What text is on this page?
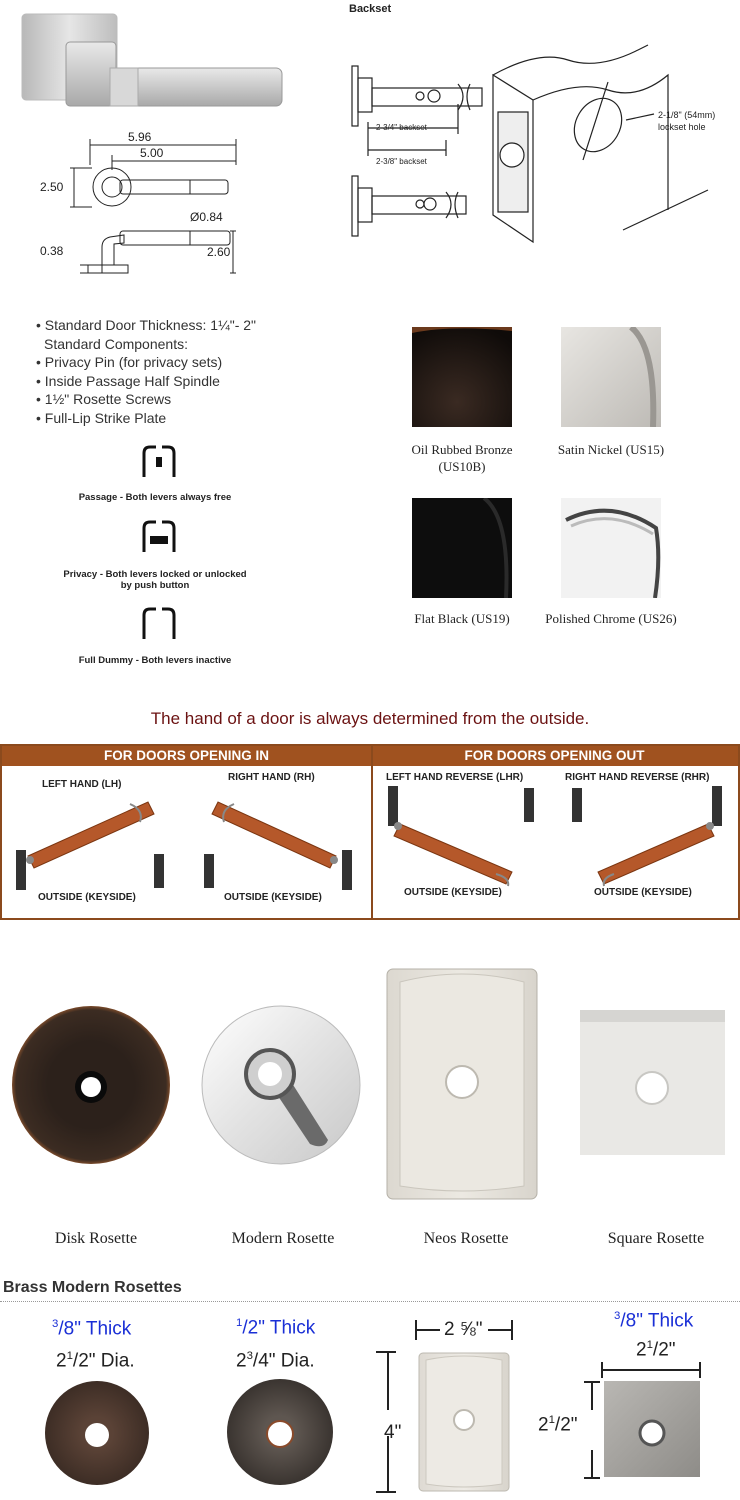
5.96
5.00
2.50
Ø0.84
2.60
0.38
Backset
2-3/4" backset
2-3/8" backset
2-1/8" (54mm)
lockset hole
• Standard Door Thickness: 1¼"- 2"
Standard Components:
• Privacy Pin (for privacy sets)
• Inside Passage Half Spindle
• 1½" Rosette Screws
• Full-Lip Strike Plate
Passage - Both levers always free
Privacy - Both levers locked or unlocked
by push button
Full Dummy - Both levers inactive
Oil Rubbed Bronze
(US10B)
Satin Nickel (US15)
Flat Black (US19)	Polished Chrome (US26)
The hand of a door is always determined from the outside.
FOR DOORS OPENING IN	FOR DOORS OPENING OUT
LEFT HAND (LH)
RIGHT HAND (RH)	LEFT HAND REVERSE (LHR)	RIGHT HAND REVERSE (RHR)
OUTSIDE (KEYSIDE)	OUTSIDE (KEYSIDE)	OUTSIDE (KEYSIDE)	OUTSIDE (KEYSIDE)
Disk Rosette	Modern Rosette	Neos Rosette	Square Rosette
Brass Modern Rosettes
$^3$/8" Thick
$2^1/2$" Dia.
$^1$/2" Thick
$2^3/4$" Dia.
2 ⅝"
4"
$^3$/8" Thick
$2^1/2$"
$2^1/2$"
